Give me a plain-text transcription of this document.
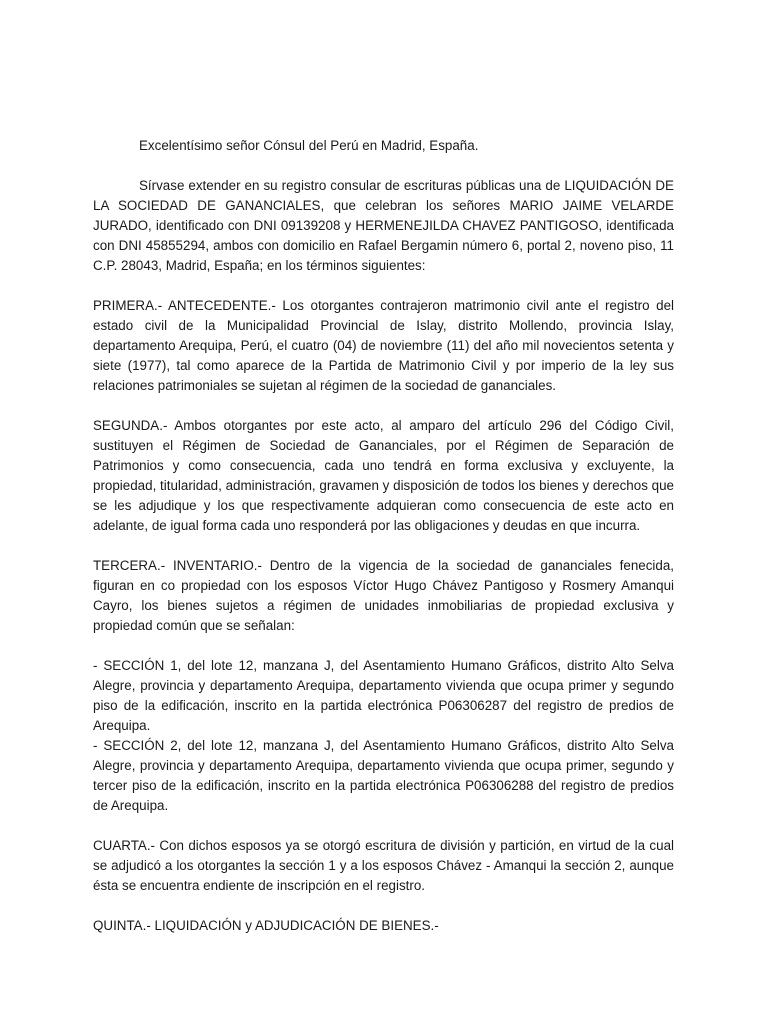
Excelentísimo señor Cónsul del Perú en Madrid, España.

Sírvase extender en su registro consular de escrituras públicas una de LIQUIDACIÓN DE LA SOCIEDAD DE GANANCIALES, que celebran los señores MARIO JAIME VELARDE JURADO, identificado con DNI 09139208 y HERMENEJILDA CHAVEZ PANTIGOSO, identificada con DNI 45855294, ambos con domicilio en Rafael Bergamin número 6, portal 2, noveno piso, 11 C.P. 28043, Madrid, España; en los términos siguientes:

PRIMERA.- ANTECEDENTE.- Los otorgantes contrajeron matrimonio civil ante el registro del estado civil de la Municipalidad Provincial de Islay, distrito Mollendo, provincia Islay, departamento Arequipa, Perú, el cuatro (04) de noviembre (11) del año mil novecientos setenta y siete (1977), tal como aparece de la Partida de Matrimonio Civil y por imperio de la ley sus relaciones patrimoniales se sujetan al régimen de la sociedad de gananciales.

SEGUNDA.- Ambos otorgantes por este acto, al amparo del artículo 296 del Código Civil, sustituyen el Régimen de Sociedad de Gananciales, por el Régimen de Separación de Patrimonios y como consecuencia, cada uno tendrá en forma exclusiva y excluyente, la propiedad, titularidad, administración, gravamen y disposición de todos los bienes y derechos que se les adjudique y los que respectivamente adquieran como consecuencia de este acto en adelante, de igual forma cada uno responderá por las obligaciones y deudas en que incurra.

TERCERA.- INVENTARIO.- Dentro de la vigencia de la sociedad de gananciales fenecida, figuran en co propiedad con los esposos Víctor Hugo Chávez Pantigoso y Rosmery Amanqui Cayro, los bienes sujetos a régimen de unidades inmobiliarias de propiedad exclusiva y propiedad común que se señalan:

- SECCIÓN 1, del lote 12, manzana J, del Asentamiento Humano Gráficos, distrito Alto Selva Alegre, provincia y departamento Arequipa, departamento vivienda que ocupa primer y segundo piso de la edificación, inscrito en la partida electrónica P06306287 del registro de predios de Arequipa.

- SECCIÓN 2, del lote 12, manzana J, del Asentamiento Humano Gráficos, distrito Alto Selva Alegre, provincia y departamento Arequipa, departamento vivienda que ocupa primer, segundo y tercer piso de la edificación, inscrito en la partida electrónica P06306288 del registro de predios de Arequipa.

CUARTA.- Con dichos esposos ya se otorgó escritura de división y partición, en virtud de la cual se adjudicó a los otorgantes la sección 1 y a los esposos Chávez - Amanqui la sección 2, aunque ésta se encuentra endiente de inscripción en el registro.

QUINTA.- LIQUIDACIÓN y ADJUDICACIÓN DE BIENES.-
